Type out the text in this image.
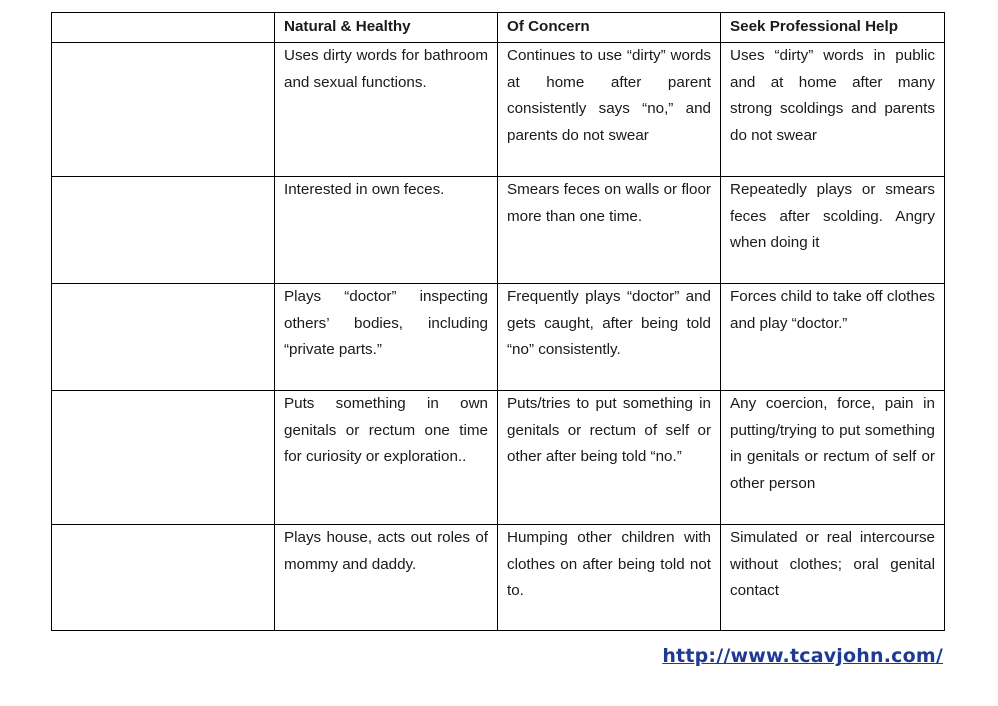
	Natural & Healthy	Of Concern	Seek Professional Help
	Uses dirty words for bathroom and sexual functions.	Continues to use “dirty” words at home after parent consistently says “no,” and parents do not swear	Uses “dirty” words in public and at home after many strong scoldings and parents do not swear
	Interested in own feces.	Smears feces on walls or floor more than one time.	Repeatedly plays or smears feces after scolding. Angry when doing it
	Plays “doctor” inspecting others’ bodies, including “private parts.”	Frequently plays “doctor” and gets caught, after being told “no” consistently.	Forces child to take off clothes and play “doctor.”
	Puts something in own genitals or rectum one time for curiosity or exploration..	Puts/tries to put something in genitals or rectum of self or other after being told “no.”	Any coercion, force, pain in putting/trying to put something in genitals or rectum of self or other person
	Plays house, acts out roles of mommy and daddy.	Humping other children with clothes on after being told not to.	Simulated or real intercourse without clothes; oral genital contact
http://www.tcavjohn.com/
